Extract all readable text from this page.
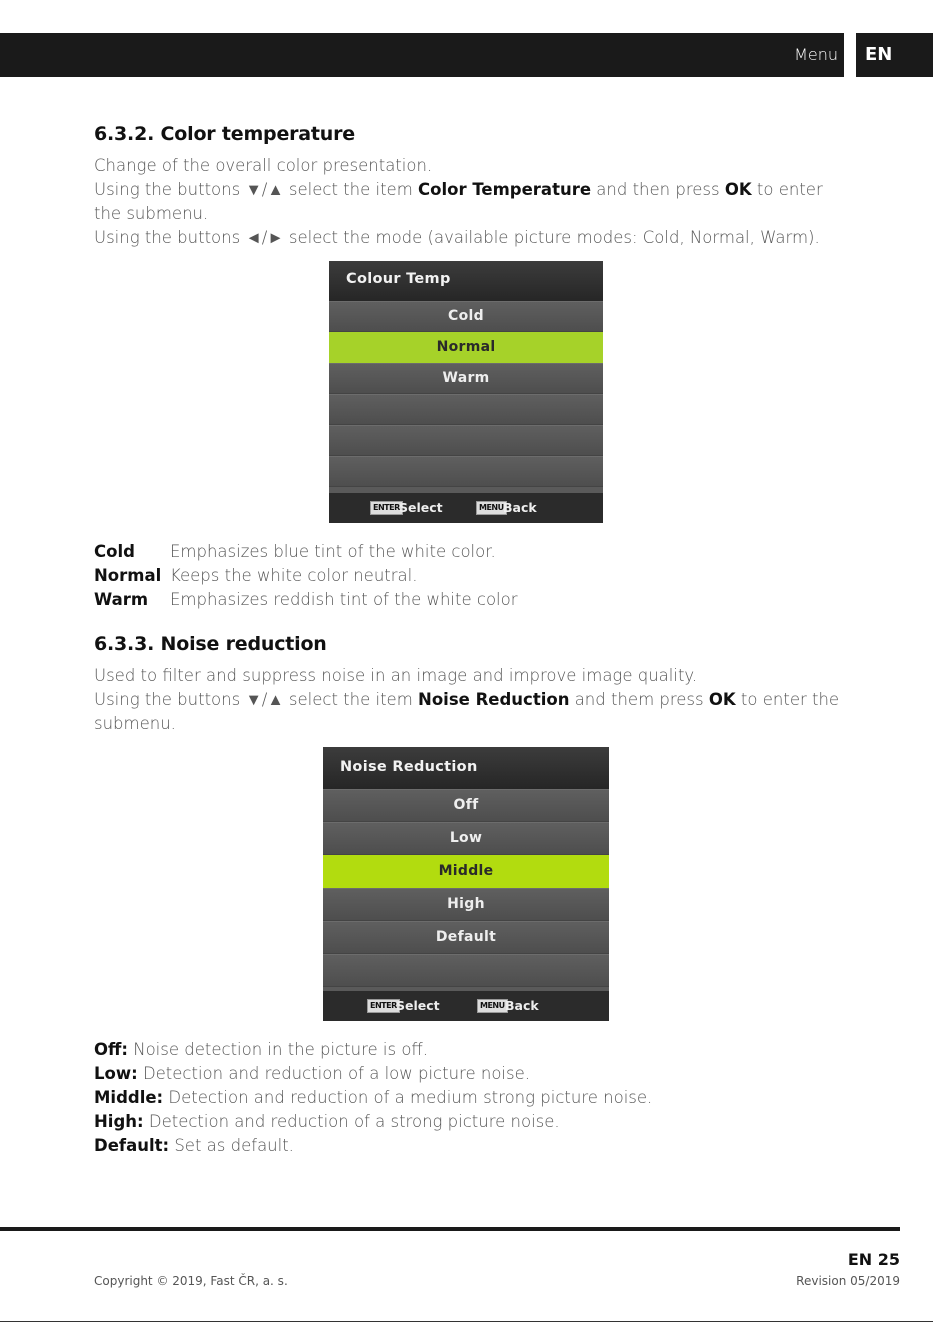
Menu	EN
6.3.2. Color temperature
Change of the overall color presentation.
Using the buttons ▼/▲ select the item Color Temperature and then press OK to enter the submenu.
Using the buttons ◄/► select the mode (available picture modes: Cold, Normal, Warm).
Colour Temp
Cold
Normal
Warm
ENTER Select	MENU Back
Cold	Emphasizes blue tint of the white color.
Normal Keeps the white color neutral.
Warm	Emphasizes reddish tint of the white color
6.3.3. Noise reduction
Used to filter and suppress noise in an image and improve image quality.
Using the buttons ▼/▲ select the item Noise Reduction and them press OK to enter the submenu.
Noise Reduction
Off
Low
Middle
High
Default
ENTER Select	MENU Back
Off: Noise detection in the picture is off.
Low: Detection and reduction of a low picture noise.
Middle: Detection and reduction of a medium strong picture noise.
High: Detection and reduction of a strong picture noise.
Default: Set as default.
EN 25
Copyright © 2019, Fast ČR, a. s.	Revision 05/2019
